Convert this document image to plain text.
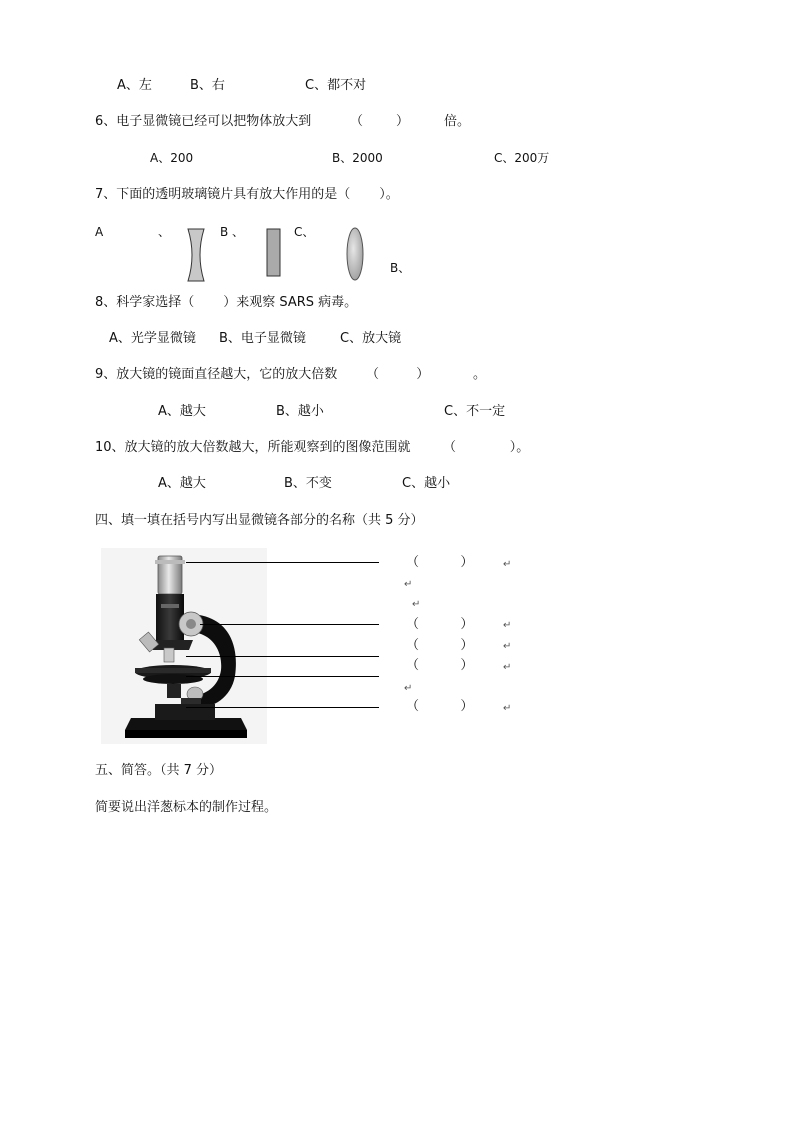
A、左	B、右	C、都不对
6、电子显微镜已经可以把物体放大到	（        ）	倍。
A、200	B、2000	C、200万
7、下面的透明玻璃镜片具有放大作用的是（       ）。
A	、	B 、	C、
B、
8、科学家选择（       ）来观察 SARS 病毒。
A、光学显微镜 B、电子显微镜	C、放大镜
9、放大镜的镜面直径越大，它的放大倍数 （         ）	。
A、越大	B、越小	C、不一定
10、放大镜的放大倍数越大，所能观察到的图像范围就 （             ）。
A、越大	B、不变	C、越小
四、填一填在括号内写出显微镜各部分的名称（共 5 分）
（          ）	↵
↵
↵
（          ）	↵
（          ）	↵
（          ）	↵
↵
（          ）	↵
五、简答。（共 7 分）
简要说出洋葱标本的制作过程。
